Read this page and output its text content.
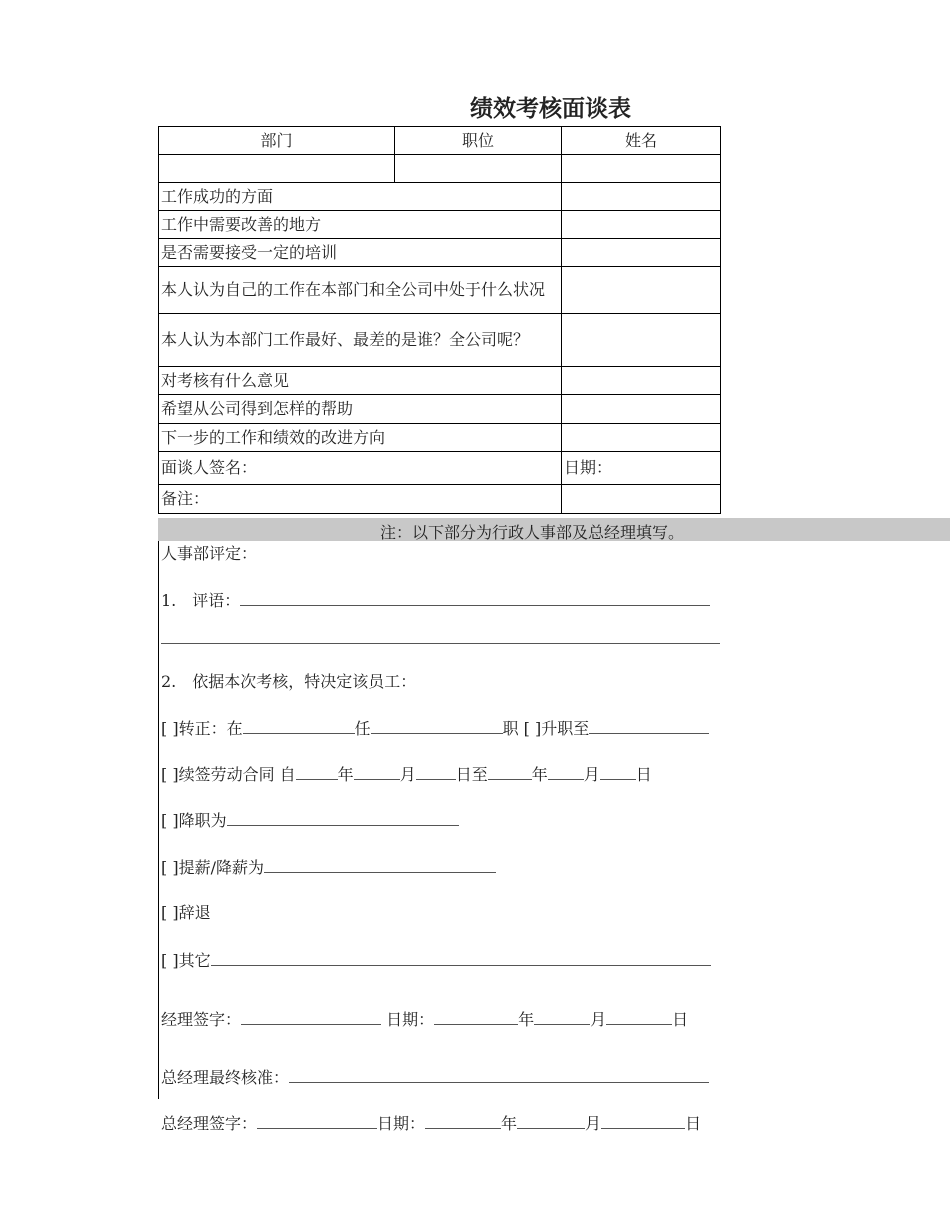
绩效考核面谈表
部门	职位	姓名

工作成功的方面		
工作中需要改善的地方		
是否需要接受一定的培训		
本人认为自己的工作在本部门和全公司中处于什么状况		
本人认为本部门工作最好、最差的是谁？全公司呢？		
对考核有什么意见		
希望从公司得到怎样的帮助		
下一步的工作和绩效的改进方向		
面谈人签名：		日期：
备注：		
注：以下部分为行政人事部及总经理填写。
人事部评定：
1.　评语：
2.　依据本次考核，特决定该员工：
[ ]转正：在	任	职 [ ]升职至
[ ]续签劳动合同 自	年	月	日至	年 月 日
[ ]降职为
[ ]提薪/降薪为
[ ]辞退
[ ]其它
经理签字：	日期：	年	月	日
总经理最终核准：
总经理签字：	日期：	年	月	日
